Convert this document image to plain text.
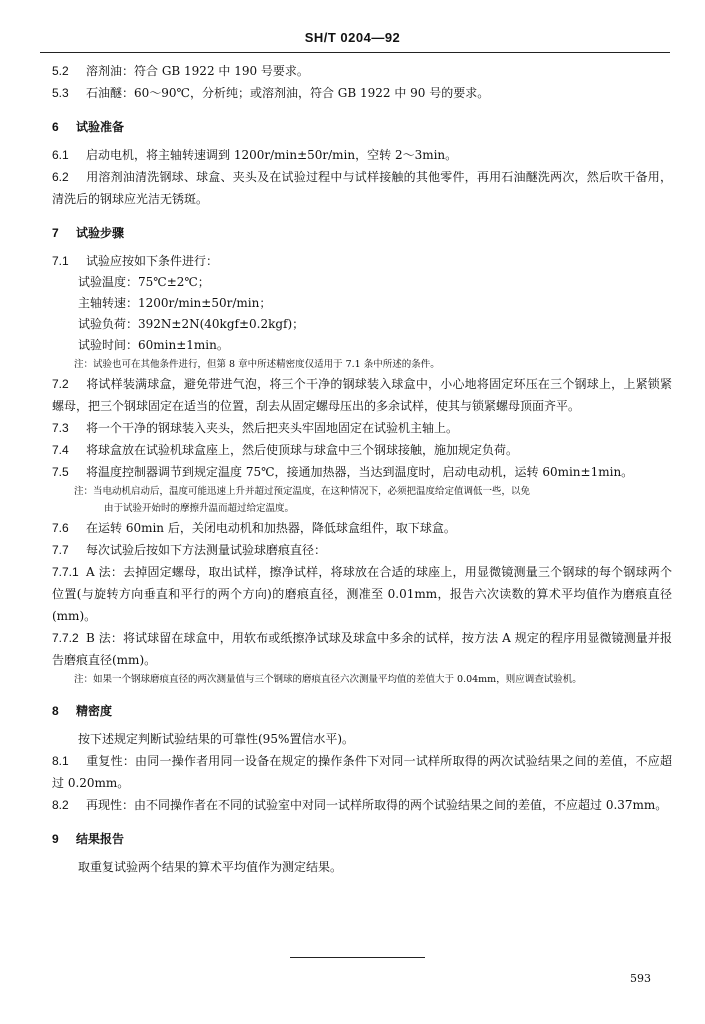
SH/T 0204—92

5.2 溶剂油：符合 GB 1922 中 190 号要求。

5.3 石油醚：60～90℃，分析纯；或溶剂油，符合 GB 1922 中 90 号的要求。

6 试验准备

6.1 启动电机，将主轴转速调到 1200r/min±50r/min，空转 2～3min。

6.2 用溶剂油清洗钢球、球盒、夹头及在试验过程中与试样接触的其他零件，再用石油醚洗两次，然后吹干备用，清洗后的钢球应光洁无锈斑。

7 试验步骤

7.1 试验应按如下条件进行：

试验温度：75℃±2℃；

主轴转速：1200r/min±50r/min；

试验负荷：392N±2N(40kgf±0.2kgf)；

试验时间：60min±1min。

注：试验也可在其他条件进行，但第 8 章中所述精密度仅适用于 7.1 条中所述的条件。

7.2 将试样装满球盒，避免带进气泡，将三个干净的钢球装入球盒中，小心地将固定环压在三个钢球上，上紧锁紧螺母，把三个钢球固定在适当的位置，刮去从固定螺母压出的多余试样，使其与锁紧螺母顶面齐平。

7.3 将一个干净的钢球装入夹头，然后把夹头牢固地固定在试验机主轴上。

7.4 将球盒放在试验机球盒座上，然后使顶球与球盒中三个钢球接触，施加规定负荷。

7.5 将温度控制器调节到规定温度 75℃，接通加热器，当达到温度时，启动电动机，运转 60min±1min。

注：当电动机启动后，温度可能迅速上升并超过预定温度，在这种情况下，必须把温度给定值调低一些，以免

由于试验开始时的摩擦升温而超过给定温度。

7.6 在运转 60min 后，关闭电动机和加热器，降低球盒组件，取下球盒。

7.7 每次试验后按如下方法测量试验球磨痕直径：

7.7.1 A 法：去掉固定螺母，取出试样，擦净试样，将球放在合适的球座上，用显微镜测量三个钢球的每个钢球两个位置(与旋转方向垂直和平行的两个方向)的磨痕直径，测准至 0.01mm，报告六次读数的算术平均值作为磨痕直径(mm)。

7.7.2 B 法：将试球留在球盒中，用软布或纸擦净试球及球盒中多余的试样，按方法 A 规定的程序用显微镜测量并报告磨痕直径(mm)。

注：如果一个钢球磨痕直径的两次测量值与三个钢球的磨痕直径六次测量平均值的差值大于 0.04mm，则应调查试验机。

8 精密度

按下述规定判断试验结果的可靠性(95%置信水平)。

8.1 重复性：由同一操作者用同一设备在规定的操作条件下对同一试样所取得的两次试验结果之间的差值，不应超过 0.20mm。

8.2 再现性：由不同操作者在不同的试验室中对同一试样所取得的两个试验结果之间的差值，不应超过 0.37mm。

9 结果报告

取重复试验两个结果的算术平均值作为测定结果。

593
